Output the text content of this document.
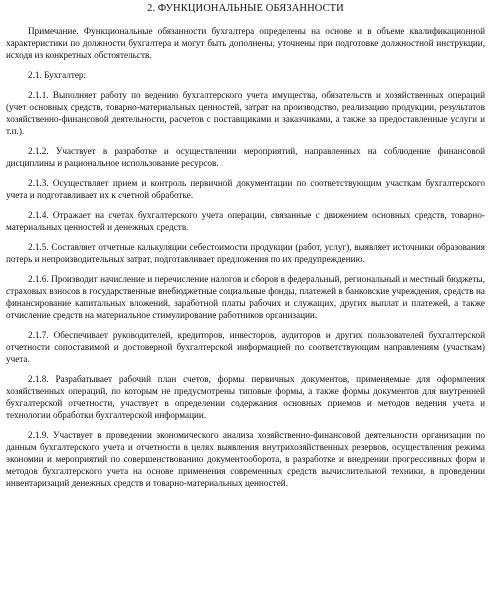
2. ФУНКЦИОНАЛЬНЫЕ ОБЯЗАННОСТИ

Примечание. Функциональные обязанности бухгалтера определены на основе и в объеме квалификационной характеристики по должности бухгалтера и могут быть дополнены, уточнены при подготовке должностной инструкции, исходя из конкретных обстоятельств.

2.1. Бухгалтер:

2.1.1. Выполняет работу по ведению бухгалтерского учета имущества, обязательств и хозяйственных операций (учет основных средств, товарно-материальных ценностей, затрат на производство, реализацию продукции, результатов хозяйственно-финансовой деятельности, расчетов с поставщиками и заказчиками, а также за предоставленные услуги и т.п.).

2.1.2. Участвует в разработке и осуществлении мероприятий, направленных на соблюдение финансовой дисциплины и рациональное использование ресурсов.

2.1.3. Осуществляет прием и контроль первичной документации по соответствующим участкам бухгалтерского учета и подготавливает их к счетной обработке.

2.1.4. Отражает на счетах бухгалтерского учета операции, связанные с движением основных средств, товарно-материальных ценностей и денежных средств.

2.1.5. Составляет отчетные калькуляции себестоимости продукции (работ, услуг), выявляет источники образования потерь и непроизводительных затрат, подготавливает предложения по их предупреждению.

2.1.6. Производит начисление и перечисление налогов и сборов в федеральный, региональный и местный бюджеты, страховых взносов в государственные внебюджетные социальные фонды, платежей в банковские учреждения, средств на финансирование капитальных вложений, заработной платы рабочих и служащих, других выплат и платежей, а также отчисление средств на материальное стимулирование работников организации.

2.1.7. Обеспечивает руководителей, кредиторов, инвесторов, аудиторов и других пользователей бухгалтерской отчетности сопоставимой и достоверной бухгалтерской информацией по соответствующим направлениям (участкам) учета.

2.1.8. Разрабатывает рабочий план счетов, формы первичных документов, применяемые для оформления хозяйственных операций, по которым не предусмотрены типовые формы, а также формы документов для внутренней бухгалтерской отчетности, участвует в определении содержания основных приемов и методов ведения учета и технологии обработки бухгалтерской информации.

2.1.9. Участвует в проведении экономического анализа хозяйственно-финансовой деятельности организации по данным бухгалтерского учета и отчетности в целях выявления внутрихозяйственных резервов, осуществления режима экономии и мероприятий по совершенствованию документооборота, в разработке и внедрении прогрессивных форм и методов бухгалтерского учета на основе применения современных средств вычислительной техники, в проведении инвентаризаций денежных средств и товарно-материальных ценностей.
